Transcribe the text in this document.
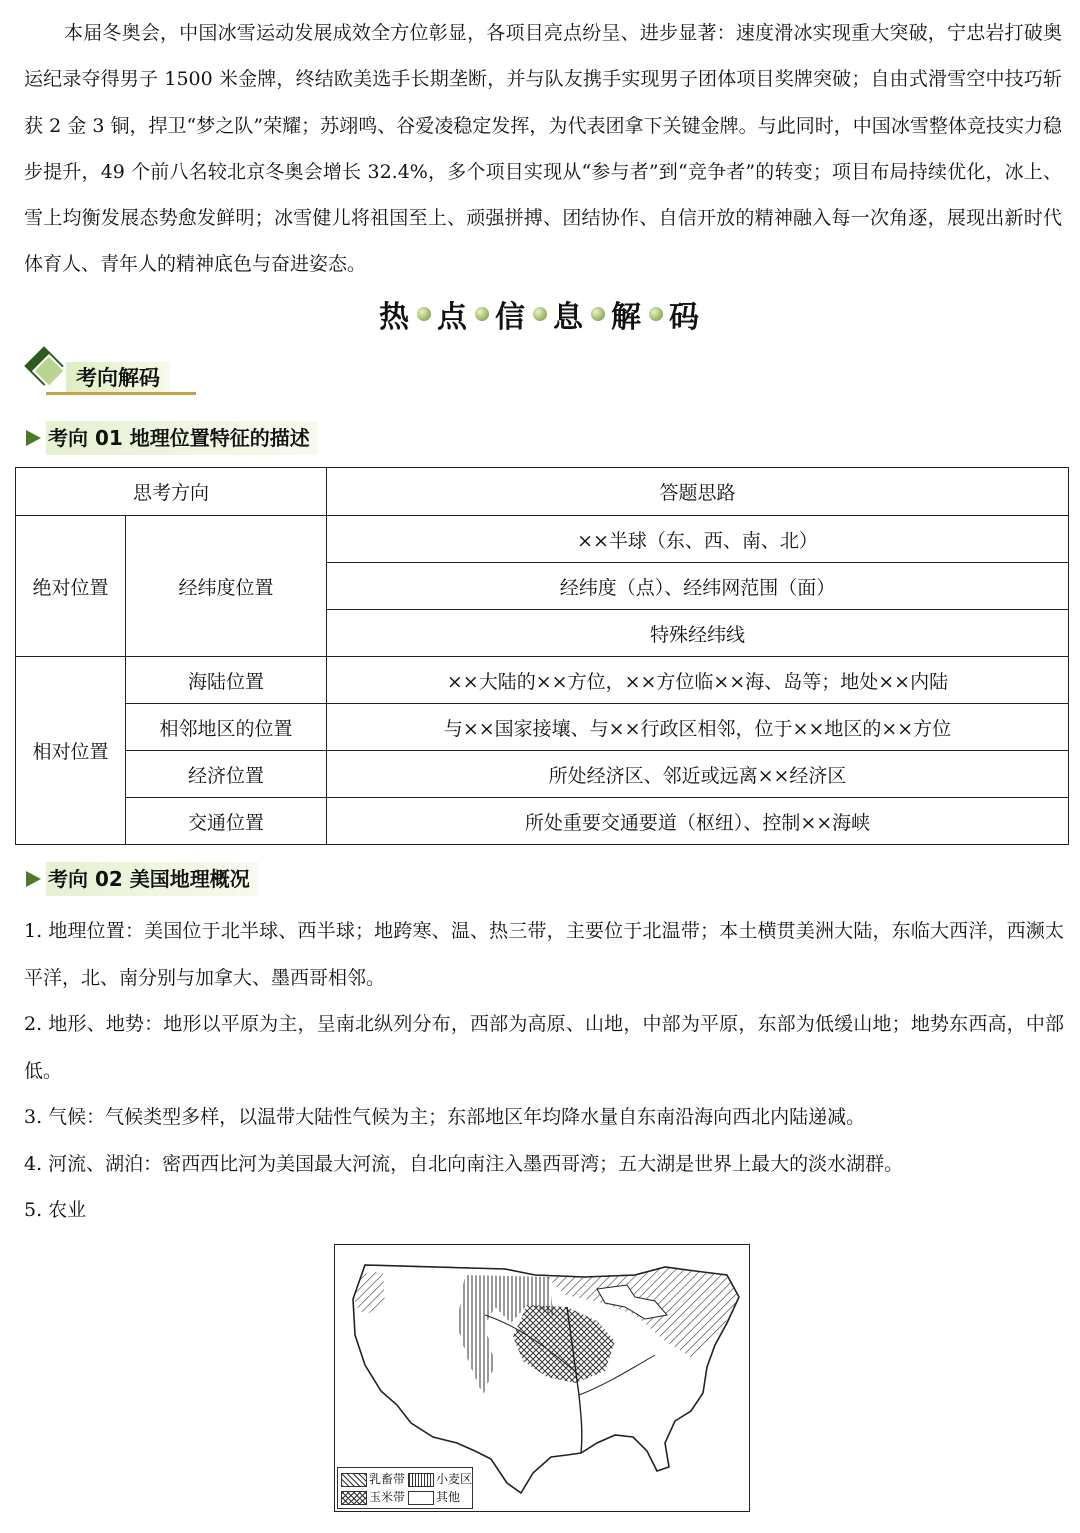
本届冬奥会，中国冰雪运动发展成效全方位彰显，各项目亮点纷呈、进步显著：速度滑冰实现重大突破，宁忠岩打破奥运纪录夺得男子 1500 米金牌，终结欧美选手长期垄断，并与队友携手实现男子团体项目奖牌突破；自由式滑雪空中技巧斩获 2 金 3 铜，捍卫“梦之队”荣耀；苏翊鸣、谷爱凌稳定发挥，为代表团拿下关键金牌。与此同时，中国冰雪整体竞技实力稳步提升，49 个前八名较北京冬奥会增长 32.4%，多个项目实现从“参与者”到“竞争者”的转变；项目布局持续优化，冰上、雪上均衡发展态势愈发鲜明；冰雪健儿将祖国至上、顽强拼搏、团结协作、自信开放的精神融入每一次角逐，展现出新时代体育人、青年人的精神底色与奋进姿态。

热 点 信 息 解 码
考向解码
考向 01 地理位置特征的描述
思考方向		答题思路
绝对位置	经纬度位置	××半球（东、西、南、北）
		经纬度（点）、经纬网范围（面）
		特殊经纬线
相对位置	海陆位置	××大陆的××方位，××方位临××海、岛等；地处××内陆
	相邻地区的位置	与××国家接壤、与××行政区相邻，位于××地区的××方位
	经济位置	所处经济区、邻近或远离××经济区
	交通位置	所处重要交通要道（枢纽）、控制××海峡
考向 02 美国地理概况
1. 地理位置：美国位于北半球、西半球；地跨寒、温、热三带，主要位于北温带；本土横贯美洲大陆，东临大西洋，西濒太平洋，北、南分别与加拿大、墨西哥相邻。
2. 地形、地势：地形以平原为主，呈南北纵列分布，西部为高原、山地，中部为平原，东部为低缓山地；地势东西高，中部低。
3. 气候：气候类型多样，以温带大陆性气候为主；东部地区年均降水量自东南沿海向西北内陆递减。
4. 河流、湖泊：密西西比河为美国最大河流，自北向南注入墨西哥湾；五大湖是世界上最大的淡水湖群。
5. 农业
乳畜带	小麦区
玉米带	其他
